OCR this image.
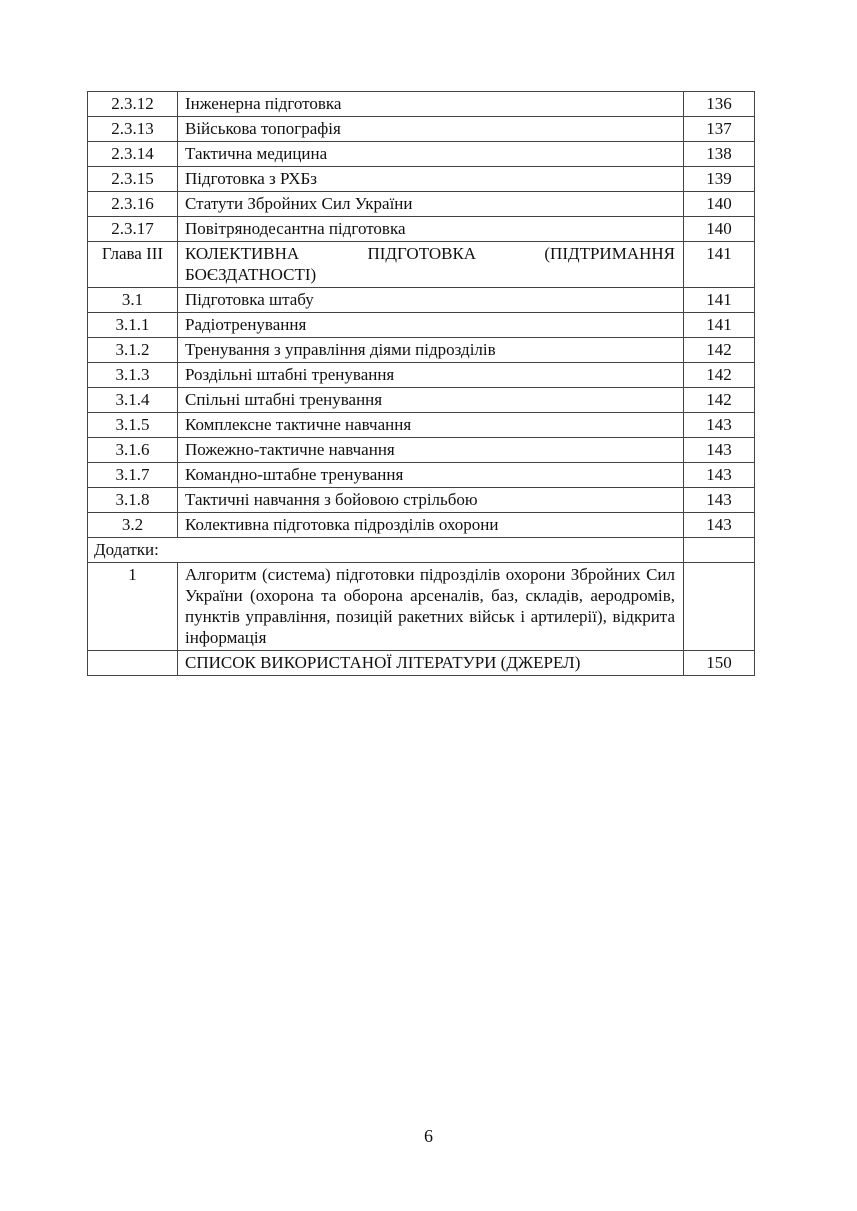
2.3.12	Інженерна підготовка	136
2.3.13	Військова топографія	137
2.3.14	Тактична медицина	138
2.3.15	Підготовка з РХБз	139
2.3.16	Статути Збройних Сил України	140
2.3.17	Повітрянодесантна підготовка	140
Глава III	КОЛЕКТИВНА ПІДГОТОВКА (ПІДТРИМАННЯ БОЄЗДАТНОСТІ)	141
3.1	Підготовка штабу	141
3.1.1	Радіотренування	141
3.1.2	Тренування з управління діями підрозділів	142
3.1.3	Роздільні штабні тренування	142
3.1.4	Спільні штабні тренування	142
3.1.5	Комплексне тактичне навчання	143
3.1.6	Пожежно-тактичне навчання	143
3.1.7	Командно-штабне тренування	143
3.1.8	Тактичні навчання з бойовою стрільбою	143
3.2	Колективна підготовка підрозділів охорони	143
Додатки:		
1	Алгоритм (система) підготовки підрозділів охорони Збройних Сил України (охорона та оборона арсеналів, баз, складів, аеродромів, пунктів управління, позицій ракетних військ і артилерії), відкрита інформація	
	СПИСОК ВИКОРИСТАНОЇ ЛІТЕРАТУРИ (ДЖЕРЕЛ)	150
6
